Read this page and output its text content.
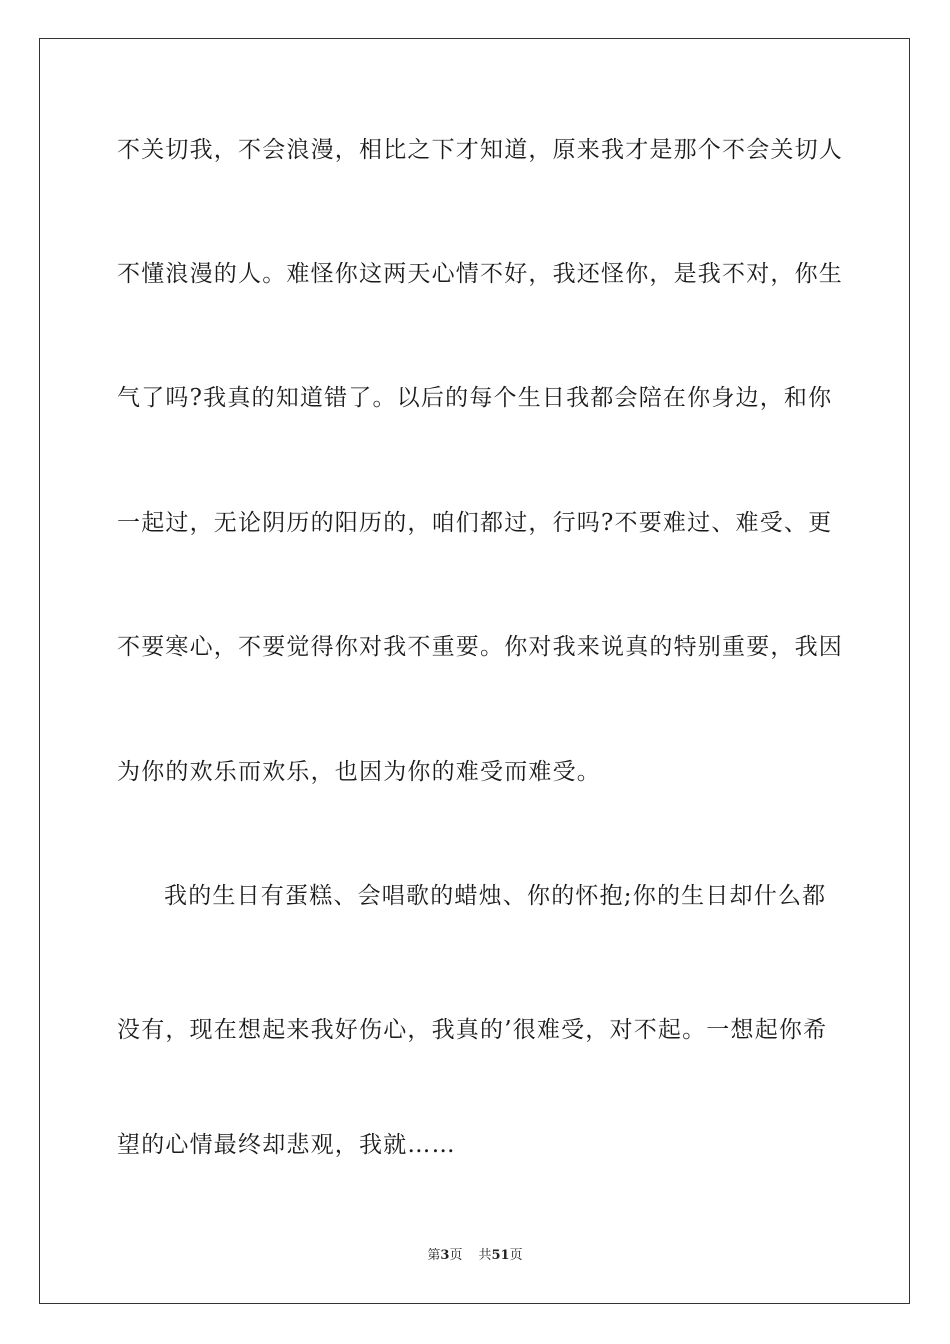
不关切我，不会浪漫，相比之下才知道，原来我才是那个不会关切人
不懂浪漫的人。难怪你这两天心情不好，我还怪你，是我不对，你生
气了吗?我真的知道错了。以后的每个生日我都会陪在你身边，和你
一起过，无论阴历的阳历的，咱们都过，行吗?不要难过、难受、更
不要寒心，不要觉得你对我不重要。你对我来说真的特别重要，我因
为你的欢乐而欢乐，也因为你的难受而难受。
我的生日有蛋糕、会唱歌的蜡烛、你的怀抱;你的生日却什么都
没有，现在想起来我好伤心，我真的’很难受，对不起。一想起你希
望的心情最终却悲观，我就……
第3页 共51页
